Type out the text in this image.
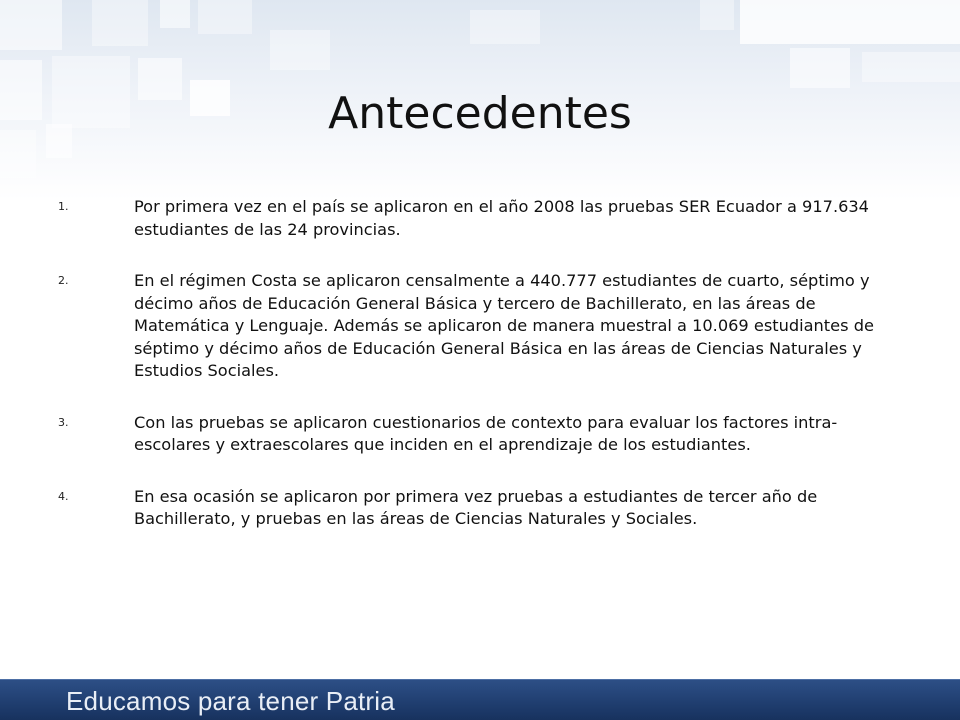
Antecedentes
1.	Por primera vez en el país se aplicaron en el año 2008 las pruebas SER Ecuador a 917.634 estudiantes de las 24 provincias.
2.	En el régimen Costa se aplicaron censalmente a 440.777 estudiantes de cuarto, séptimo y décimo años de Educación General Básica y tercero de Bachillerato, en las áreas de Matemática y Lenguaje. Además se aplicaron de manera muestral a 10.069 estudiantes de séptimo y décimo años de Educación General Básica en las áreas de Ciencias Naturales y Estudios Sociales.
3.	Con las pruebas se aplicaron cuestionarios de contexto para evaluar los factores intra-escolares y extraescolares que inciden en el aprendizaje de los estudiantes.
4.	En esa ocasión se aplicaron por primera vez pruebas a estudiantes de tercer año de Bachillerato, y pruebas en las áreas de Ciencias Naturales y Sociales.
Educamos para tener Patria
